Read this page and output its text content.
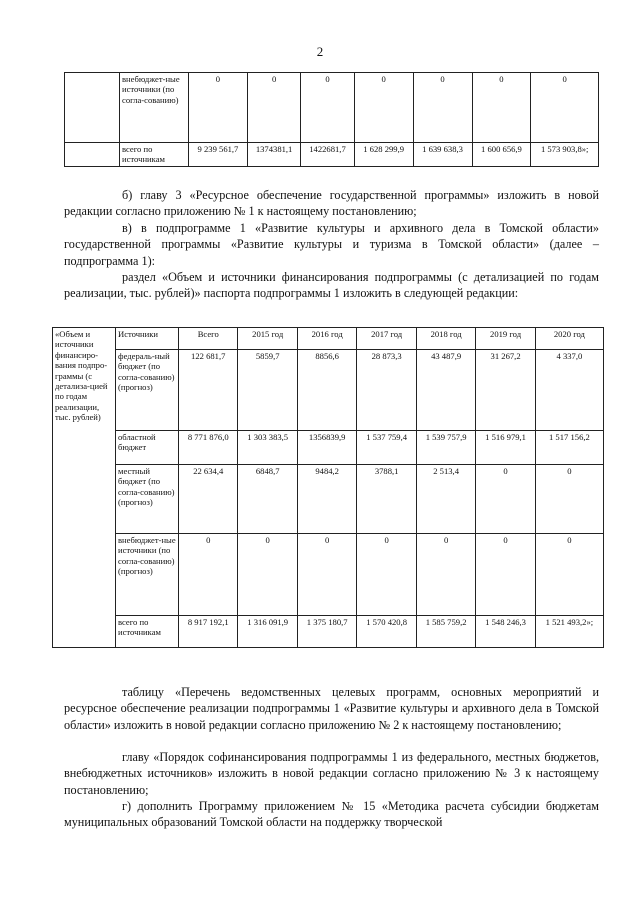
2
	внебюджет-ные источники (по согла-сованию)	0	0	0	0	0	0	0
	всего по источникам	9 239 561,7	1374381,1	1422681,7	1 628 299,9	1 639 638,3	1 600 656,9	1 573 903,8»;
б) главу 3 «Ресурсное обеспечение государственной программы» изложить в новой редакции согласно приложению № 1 к настоящему постановлению;
в) в подпрограмме 1 «Развитие культуры и архивного дела в Томской области» государственной программы «Развитие культуры и туризма в Томской области» (далее – подпрограмма 1):
раздел «Объем и источники финансирования подпрограммы (с детализацией по годам реализации, тыс. рублей)» паспорта подпрограммы 1 изложить в следующей редакции:
«Объем и источники финансиро-вания подпро-граммы (с детализа-цией по годам реализации, тыс. рублей)	Источники	Всего	2015 год	2016 год	2017 год	2018 год	2019 год	2020 год
	федераль-ный бюджет (по согла-сованию) (прогноз)	122 681,7	5859,7	8856,6	28 873,3	43 487,9	31 267,2	4 337,0
	областной бюджет	8 771 876,0	1 303 383,5	1356839,9	1 537 759,4	1 539 757,9	1 516 979,1	1 517 156,2
	местный бюджет (по согла-сованию) (прогноз)	22 634,4	6848,7	9484,2	3788,1	2 513,4	0	0
	внебюджет-ные источники (по согла-сованию) (прогноз)	0	0	0	0	0	0	0
	всего по источникам	8 917 192,1	1 316 091,9	1 375 180,7	1 570 420,8	1 585 759,2	1 548 246,3	1 521 493,2»;
таблицу «Перечень ведомственных целевых программ, основных мероприятий и ресурсное обеспечение реализации подпрограммы 1 «Развитие культуры и архивного дела в Томской области» изложить в новой редакции согласно приложению № 2 к настоящему постановлению;
главу «Порядок софинансирования подпрограммы 1 из федерального, местных бюджетов, внебюджетных источников» изложить в новой редакции согласно приложению № 3 к настоящему постановлению;
г) дополнить Программу приложением № 15 «Методика расчета субсидии бюджетам муниципальных образований Томской области на поддержку творческой
